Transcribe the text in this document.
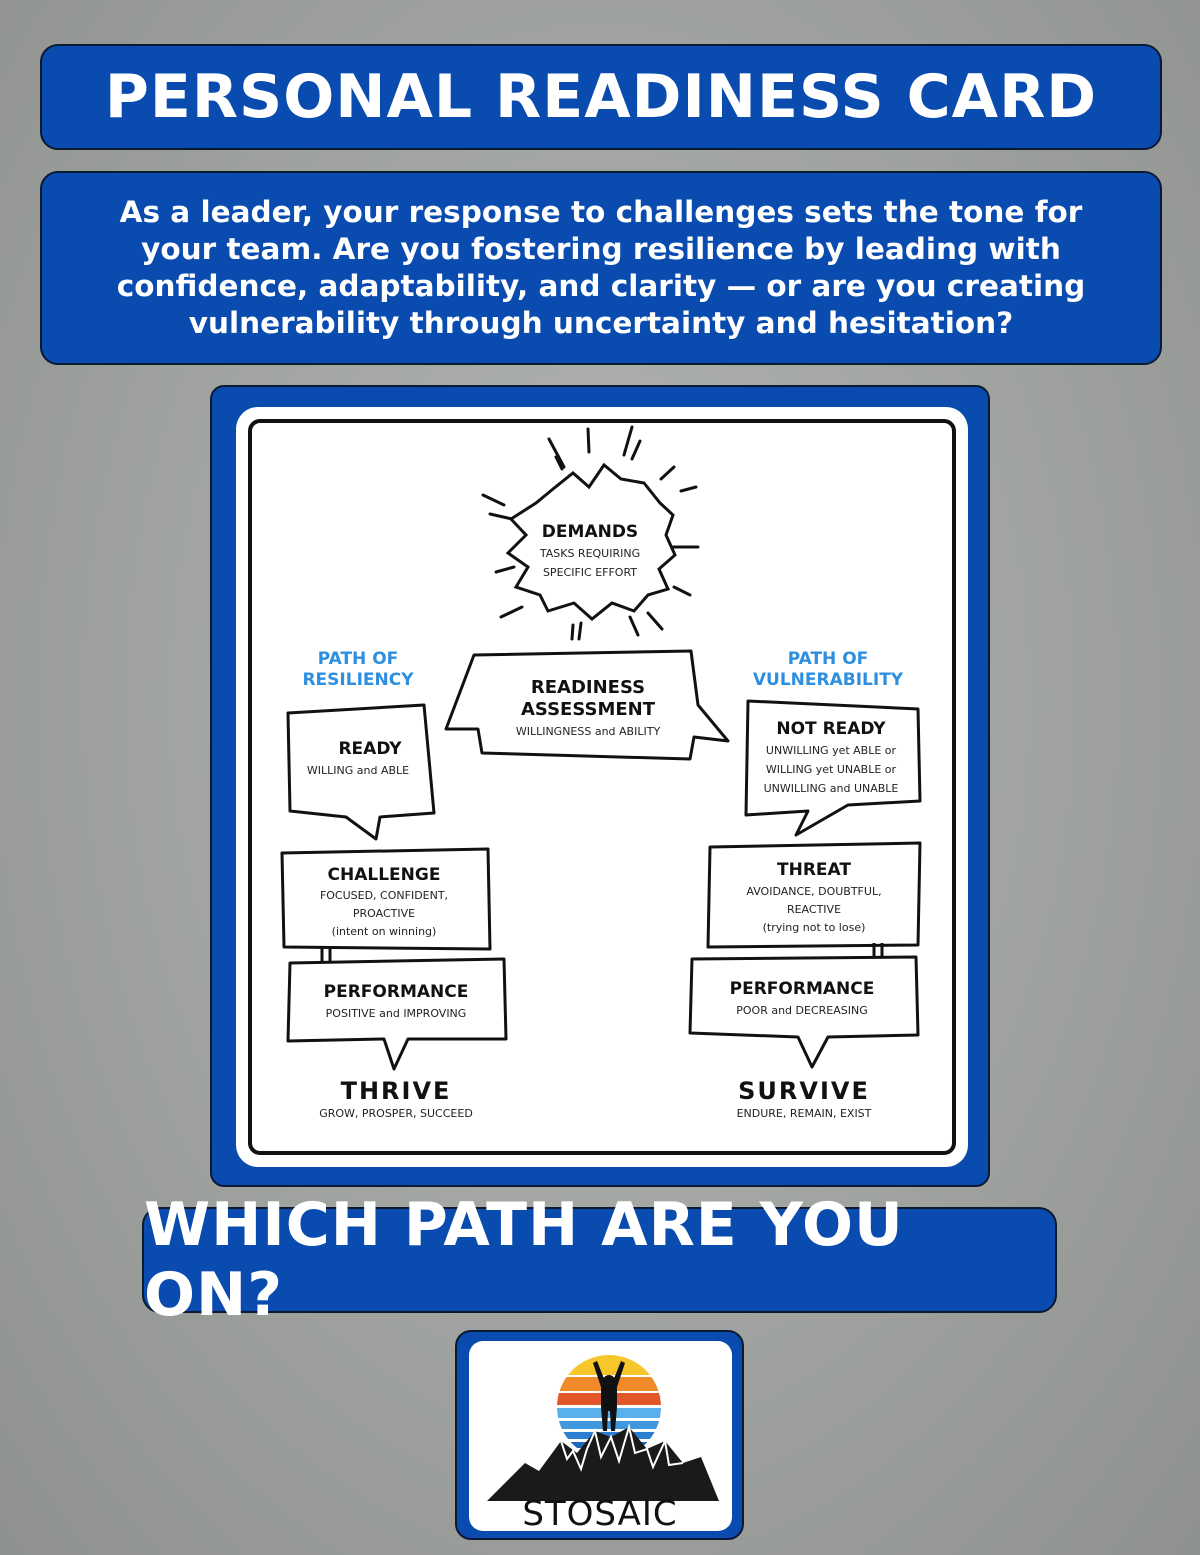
PERSONAL READINESS CARD

As a leader, your response to challenges sets the tone for your team. Are you fostering resilience by leading with confidence, adaptability, and clarity — or are you creating vulnerability through uncertainty and hesitation?

DEMANDS
TASKS REQUIRING
SPECIFIC EFFORT
PATH OF
RESILIENCY
PATH OF
VULNERABILITY
READINESS
ASSESSMENT
WILLINGNESS and ABILITY
READY
WILLING and ABLE
CHALLENGE
FOCUSED, CONFIDENT,
PROACTIVE
(intent on winning)
PERFORMANCE
POSITIVE and IMPROVING
THRIVE
GROW, PROSPER, SUCCEED
NOT READY
UNWILLING yet ABLE or
WILLING yet UNABLE or
UNWILLING and UNABLE
THREAT
AVOIDANCE, DOUBTFUL,
REACTIVE
(trying not to lose)
PERFORMANCE
POOR and DECREASING
SURVIVE
ENDURE, REMAIN, EXIST
WHICH PATH ARE YOU ON?
STOSAIC
